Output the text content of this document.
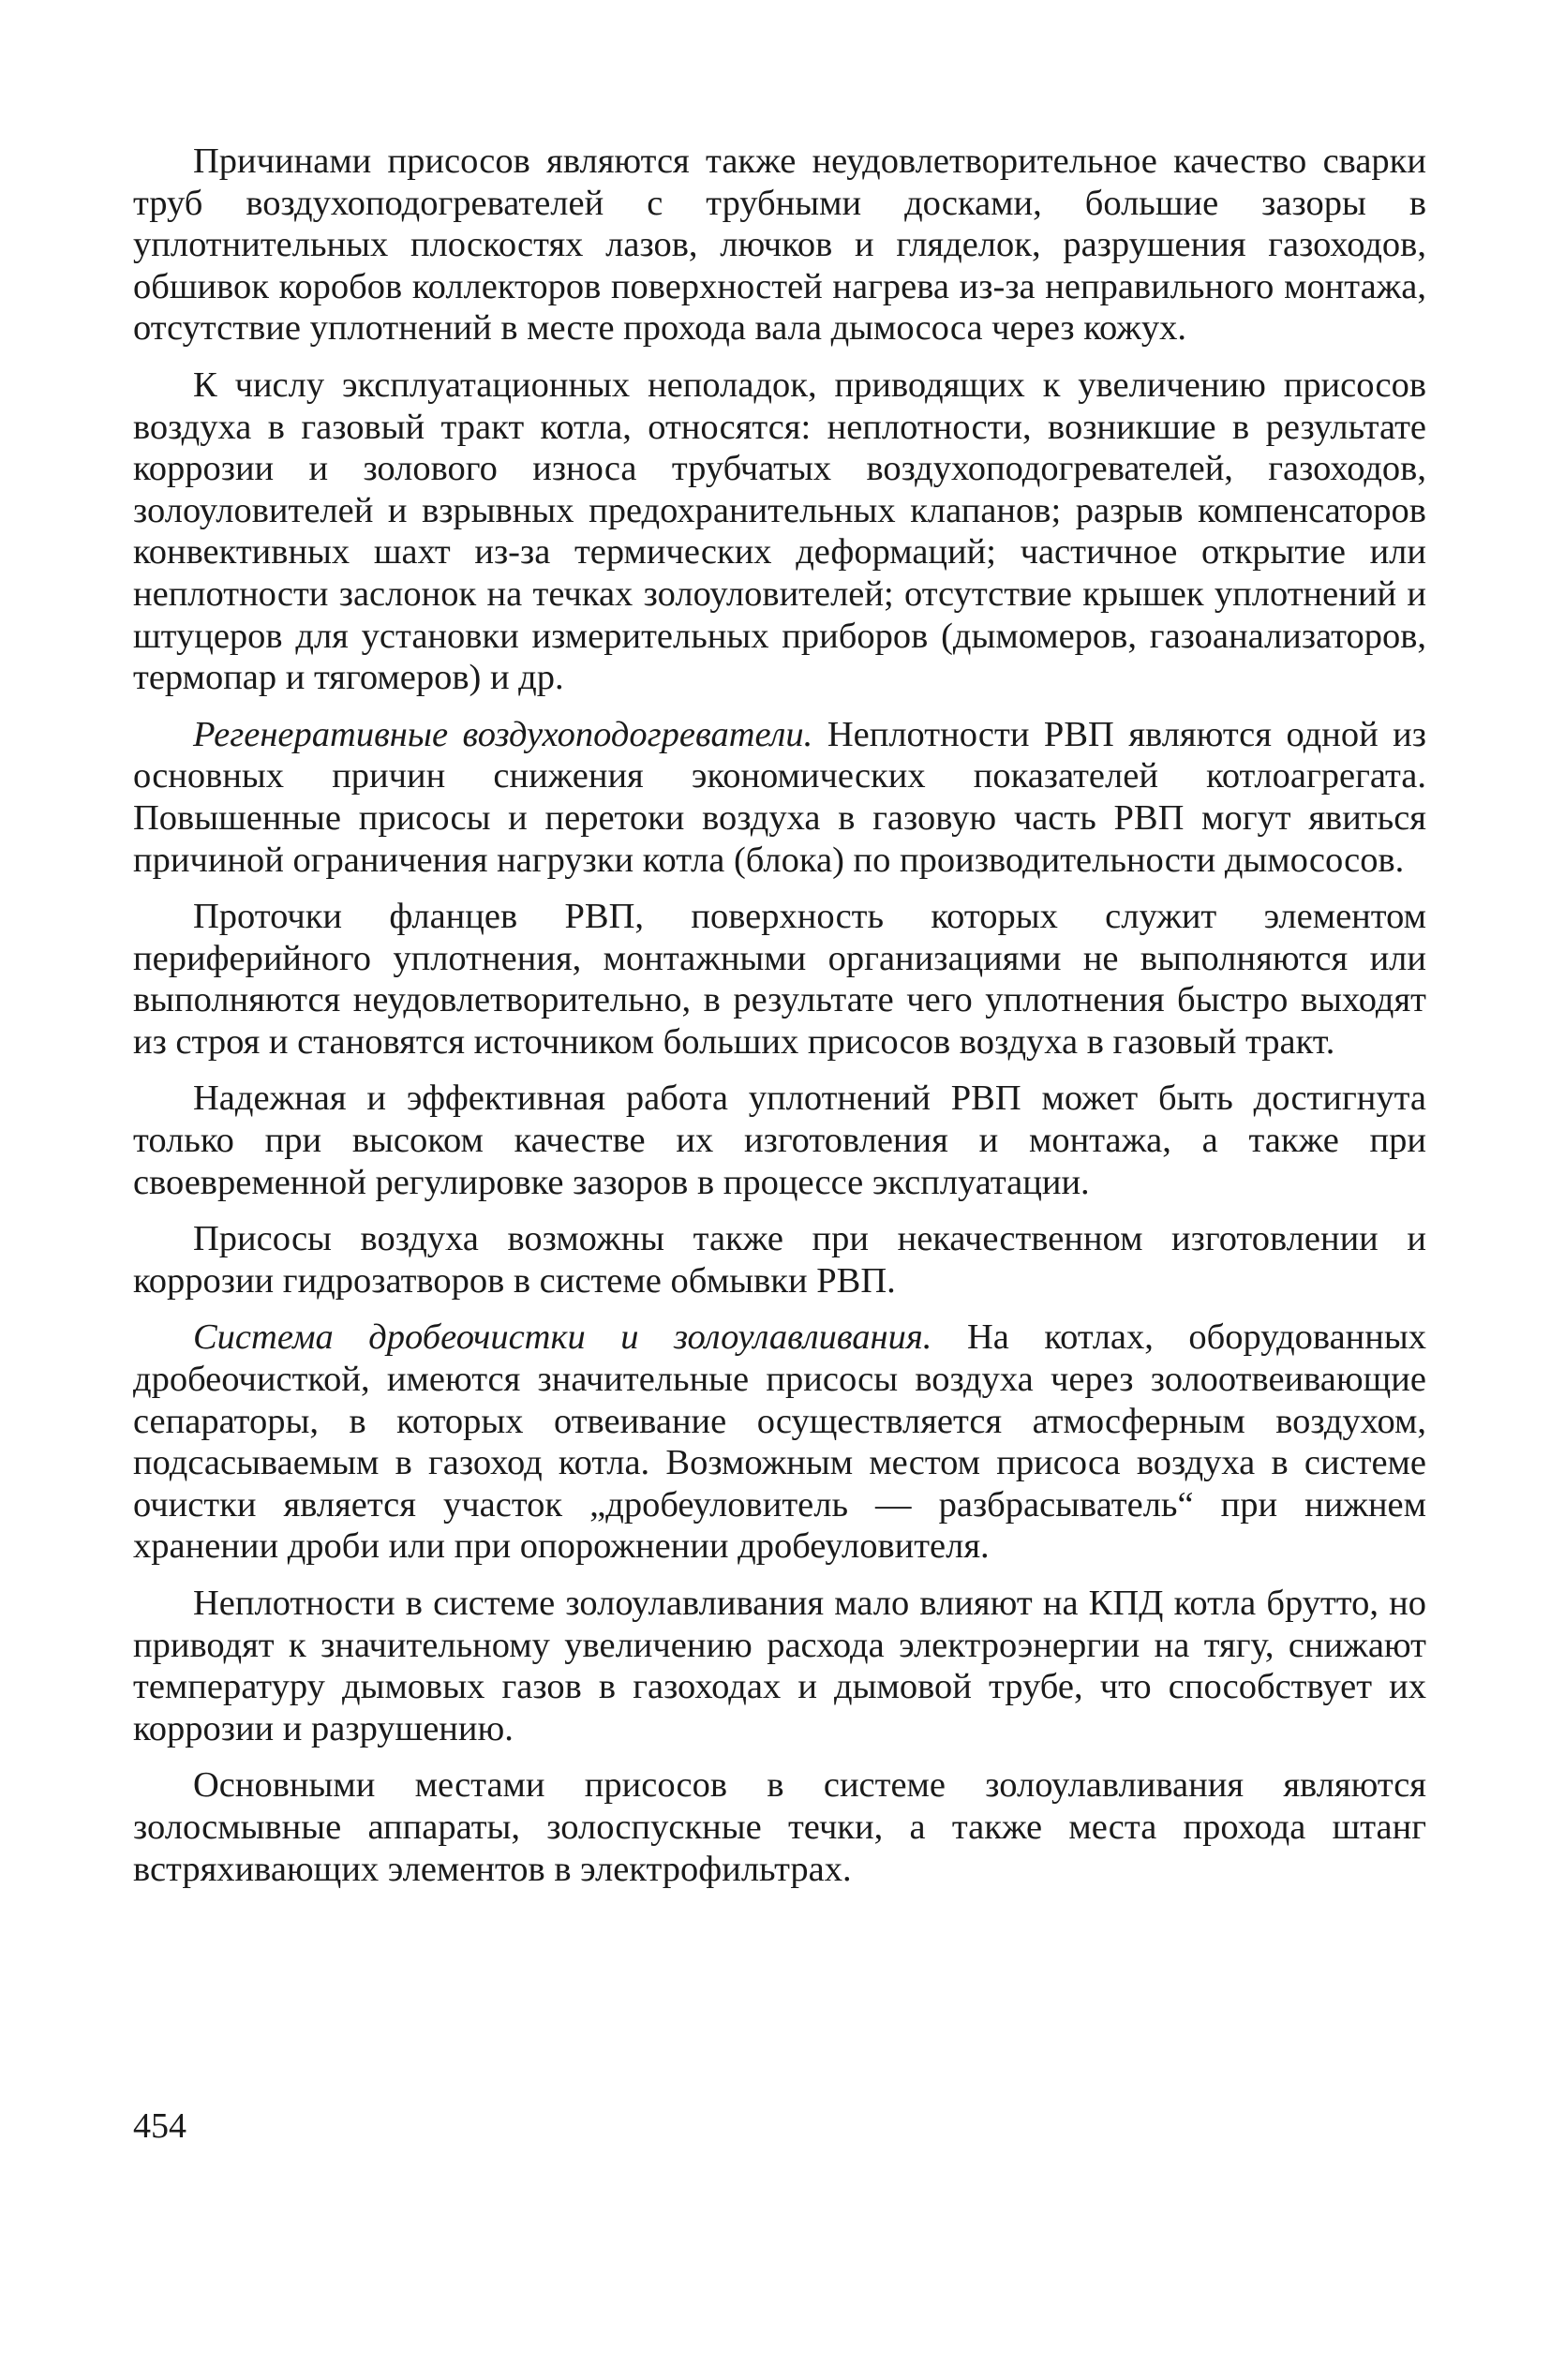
Причинами присосов являются также неудовлетворительное качество сварки труб воздухоподогревателей с трубными досками, большие зазоры в уплотнительных плоскостях лазов, лючков и гляделок, разрушения газоходов, обшивок коробов коллекторов поверхностей нагрева из-за неправильного монтажа, отсутствие уплотнений в месте прохода вала дымососа через кожух.

К числу эксплуатационных неполадок, приводящих к увеличению присосов воздуха в газовый тракт котла, относятся: неплотности, возникшие в результате коррозии и золового износа трубчатых воздухоподогревателей, газоходов, золоуловителей и взрывных предохранительных клапанов; разрыв компенсаторов конвективных шахт из-за термических деформаций; частичное открытие или неплотности заслонок на течках золоуловителей; отсутствие крышек уплотнений и штуцеров для установки измерительных приборов (дымомеров, газоанализаторов, термопар и тягомеров) и др.

Регенеративные воздухоподогреватели. Неплотности РВП являются одной из основных причин снижения экономических показателей котлоагрегата. Повышенные присосы и перетоки воздуха в газовую часть РВП могут явиться причиной ограничения нагрузки котла (блока) по производительности дымососов.

Проточки фланцев РВП, поверхность которых служит элементом периферийного уплотнения, монтажными организациями не выполняются или выполняются неудовлетворительно, в результате чего уплотнения быстро выходят из строя и становятся источником больших присосов воздуха в газовый тракт.

Надежная и эффективная работа уплотнений РВП может быть достигнута только при высоком качестве их изготовления и монтажа, а также при своевременной регулировке зазоров в процессе эксплуатации.

Присосы воздуха возможны также при некачественном изготовлении и коррозии гидрозатворов в системе обмывки РВП.

Система дробеочистки и золоулавливания. На котлах, оборудованных дробеочисткой, имеются значительные присосы воздуха через золоотвеивающие сепараторы, в которых отвеивание осуществляется атмосферным воздухом, подсасываемым в газоход котла. Возможным местом присоса воздуха в системе очистки является участок „дробеуловитель — разбрасыватель“ при нижнем хранении дроби или при опорожнении дробеуловителя.

Неплотности в системе золоулавливания мало влияют на КПД котла брутто, но приводят к значительному увеличению расхода электроэнергии на тягу, снижают температуру дымовых газов в газоходах и дымовой трубе, что способствует их коррозии и разрушению.

Основными местами присосов в системе золоулавливания являются золосмывные аппараты, золоспускные течки, а также места прохода штанг встряхивающих элементов в электрофильтрах.

454
